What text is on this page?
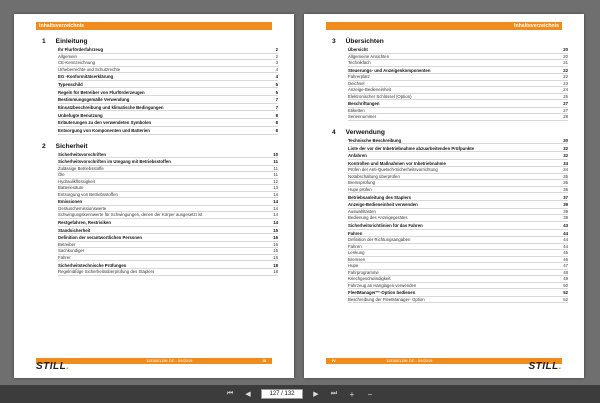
Inhaltsverzeichnis
1 Einleitung
Ihr Flurförderfahrzeug	2
Allgemein	2
CE-Kennzeichnung	3
Urheberrechte und Schutzrechte	4
EG -Konformitätserklärung	4
Typenschild	5
Regeln für Betreiber von Flurförderzeugen	5
Bestimmungsgemäße Verwendung	7
Einsatzbeschreibung und klimatische Bedingungen	7
Unbefugte Benutzung	8
Erläuterungen zu den verwendeten Symbolen	8
Entsorgung von Komponenten und Batterien	8
2 Sicherheit
Sicherheitsvorschriften	10
Sicherheitsvorschriften im Umgang mit Betriebsstoffen	11
Zulässige Betriebsstoffe	11
Öle	11
Hydraulikflüssigkeit	12
Batteriesäure	13
Entsorgung von Betriebsstoffen	14
Emissionen	14
Geräuschemissionswerte	14
Schwingungskennwerte für Schwingungen, denen der Körper ausgesetzt ist	14
Restgefahren, Restrisiken	14
Standsicherheit	15
Definition der verantwortlichen Personen	16
Betreiber	16
Sachkundiger	16
Fahrer	16
Sicherheitstechnische Prüfungen	18
Regelmäßige Sicherheitsüberprüfung des Staplers	18
1153801156 DE - 09/2019	III
STILL.
Inhaltsverzeichnis
3 Übersichten
Übersicht	20
Allgemeine Ansichten	20
Technikfach	21
Steuerungs- und Anzeigenkomponenten	22
Fahrerplatz	22
Deichsel	23
Anzeige-Bedieneinheit	24
Elektronischer Schlüssel (Option)	25
Beschriftungen	27
Etiketten	27
Seriennummer	28
4 Verwendung
Technische Beschreibung	30
Liste der vor der Inbetriebnahme abzuarbeitenden Prüfpunkte	32
Anfahren	32
Kontrollen und Maßnahmen vor Inbetriebnahme	34
Prüfen der Anti-Quetsch-Sicherheitsvorrichtung	34
Notabschaltung überprüfen	35
Bremsprüfung	35
Hupe prüfen	36
Betriebsanleitung des Staplers	37
Anzeige-Bedieneinheit verwenden	39
Auswahltasten	39
Bedienung des Anzeigegerätes	39
Sicherheitsrichtlinien für das Fahren	43
Fahren	44
Definition der Richtungsangaben	44
Fahren	44
Lenkung	45
Bremsen	46
Hupe	47
Fahrprogramme	48
Kriechgeschwindigkeit	49
Fahrzeug an Hanglagen verwenden	50
FleetManager™-Option bedienen	52
Beschreibung der FleetManager- Option	52
IV	1153801156 DE - 09/2019
STILL.
⏮	◀	127 / 132	▶	⏭	+	−
